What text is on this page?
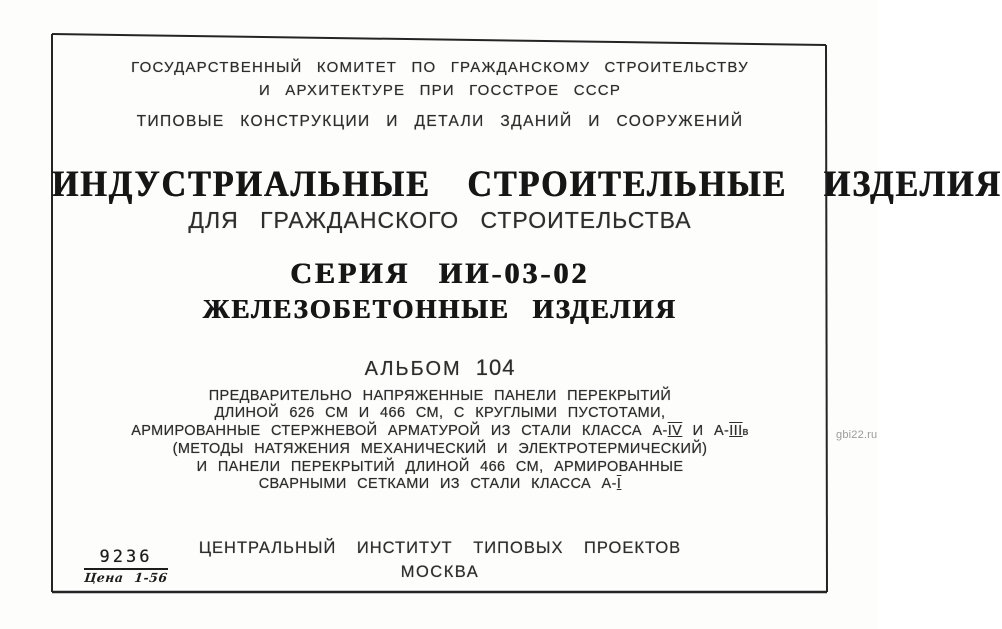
ГОСУДАРСТВЕННЫЙ КОМИТЕТ ПО ГРАЖДАНСКОМУ СТРОИТЕЛЬСТВУ
И АРХИТЕКТУРЕ ПРИ ГОССТРОЕ СССР
ТИПОВЫЕ КОНСТРУКЦИИ И ДЕТАЛИ ЗДАНИЙ И СООРУЖЕНИЙ
ИНДУСТРИАЛЬНЫЕ СТРОИТЕЛЬНЫЕ ИЗДЕЛИЯ
ДЛЯ ГРАЖДАНСКОГО СТРОИТЕЛЬСТВА
СЕРИЯ ИИ-03-02
ЖЕЛЕЗОБЕТОННЫЕ ИЗДЕЛИЯ
АЛЬБОМ 104
ПРЕДВАРИТЕЛЬНО НАПРЯЖЕННЫЕ ПАНЕЛИ ПЕРЕКРЫТИЙ
ДЛИНОЙ 626 СМ И 466 СМ, С КРУГЛЫМИ ПУСТОТАМИ,
АРМИРОВАННЫЕ СТЕРЖНЕВОЙ АРМАТУРОЙ ИЗ СТАЛИ КЛАССА А-IV И А-IIIв
(МЕТОДЫ НАТЯЖЕНИЯ МЕХАНИЧЕСКИЙ И ЭЛЕКТРОТЕРМИЧЕСКИЙ)
И ПАНЕЛИ ПЕРЕКРЫТИЙ ДЛИНОЙ 466 СМ, АРМИРОВАННЫЕ
СВАРНЫМИ СЕТКАМИ ИЗ СТАЛИ КЛАССА А-I
ЦЕНТРАЛЬНЫЙ ИНСТИТУТ ТИПОВЫХ ПРОЕКТОВ
МОСКВА
9236
Цена 1-56
gbi22.ru
